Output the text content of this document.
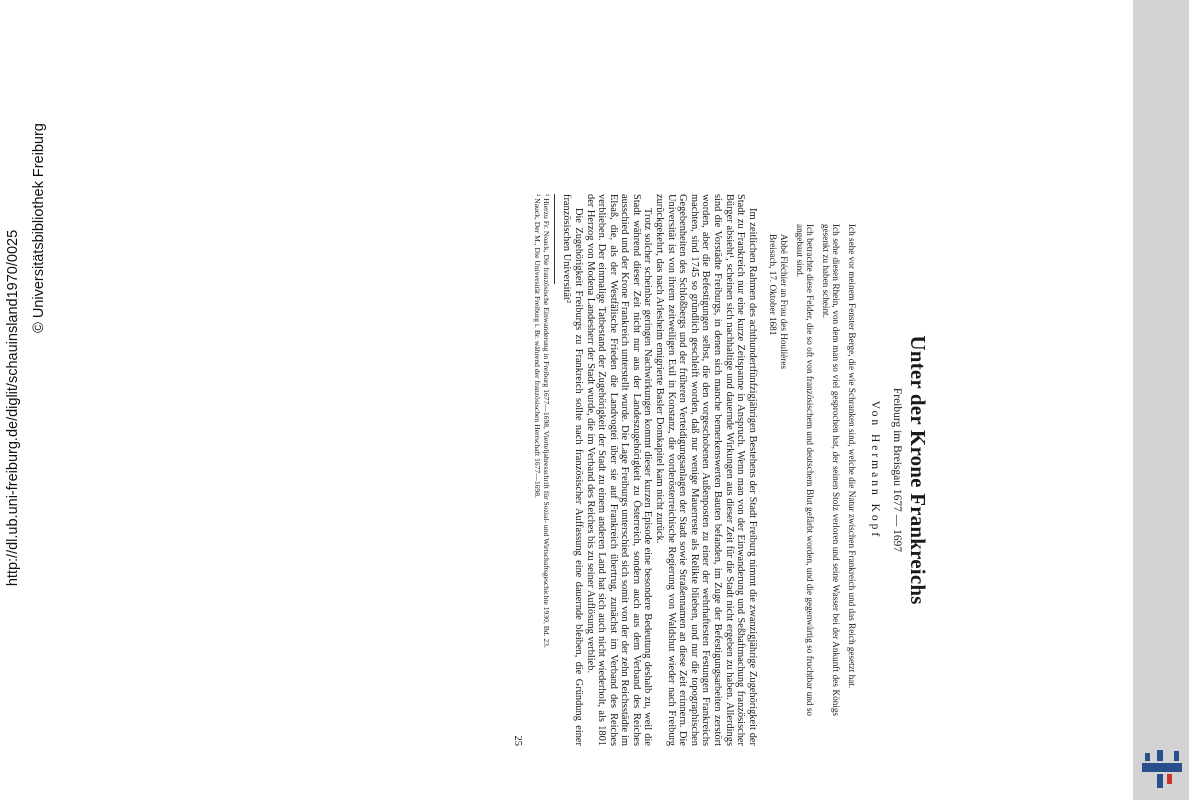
Unter der Krone Frankreichs
Freiburg im Breisgau 1677 — 1697
Von Hermann Kopf

Ich sehe vor meinem Fenster Berge, die wie Schranken sind, welche die Natur zwischen Frankreich und das Reich gesetzt hat.

Ich sehe diesen Rhein, von dem man so viel gesprochen hat, der seinen Stolz verloren und seine Wasser bei der Ankunft des Königs gesenkt zu haben scheint.

Ich betrachte diese Felder, die so oft von französischem und deutschem Blut gefärbt worden, und die gegenwärtig so fruchtbar und so angebaut sind.

Abbé Fléchier an Frau des Houlières
Breisach, 17. Oktober 1681

Im zeitlichen Rahmen des achthundertfünfzigjährigen Bestehens der Stadt Freiburg nimmt die zwanzigjährige Zugehörigkeit der Stadt zu Frankreich nur eine kurze Zeitspanne in Anspruch. Wenn man von der Einwanderung und Seßhaftmachung französischer Bürger absieht¹, scheinen sich nachhaltige und dauernde Wirkungen aus dieser Zeit für die Stadt nicht ergeben zu haben. Allerdings sind die Vorstädte Freiburgs, in denen sich manche bemerkenswerten Bauten befanden, im Zuge der Befestigungsarbeiten zerstört worden, aber die Befestigungen selbst, die den vorgeschobenen Außenposten zu einer der wehrhaftesten Festungen Frankreichs machten, sind 1745 so gründlich geschleift worden, daß nur wenige Mauerreste als Relikte blieben, und nur die topographischen Gegebenheiten des Schloßbergs und der früheren Verteidigungsanlagen der Stadt sowie Straßennamen an diese Zeit erinnern. Die Universität ist von ihrem zeitweiligen Exil in Konstanz, die vorderösterreichische Regierung von Waldshut wieder nach Freiburg zurückgekehrt, das nach Arlesheim emigrierte Basler Domkapitel kam nicht zurück.

Trotz solcher scheinbar geringen Nachwirkungen kommt dieser kurzen Episode eine besondere Bedeutung deshalb zu, weil die Stadt während dieser Zeit nicht nur aus der Landeszugehörigkeit zu Österreich, sondern auch aus dem Verband des Reiches ausschied und der Krone Frankreich unterstellt wurde. Die Lage Freiburgs unterschied sich somit von der der zehn Reichsstädte im Elsaß, die, als der Westfälische Frieden die Landvogtei über sie auf Frankreich übertrug, zunächst im Verband des Reiches verblieben. Der einmalige Tatbestand der Zugehörigkeit der Stadt zu einem anderen Land hat sich auch nicht wiederholt, als 1801 der Herzog von Modena Landesherr der Stadt wurde, die im Verband des Reiches bis zu seiner Auflösung verblieb.

Die Zugehörigkeit Freiburgs zu Frankreich sollte nach französischer Auffassung eine dauernde bleiben, die Gründung einer französischen Universität²

¹ Hierzu Fr. Noack, Die französische Einwanderung in Freiburg 1677—1698, Vierteljahresschrift für Sozial- und Wirtschaftsgeschichte 1930, Bd. 23.

² Nauck, Der M., Die Universität Freiburg i. Br. während der französischen Herrschaft 1677—1698.

25
http://dl.ub.uni-freiburg.de/diglit/schauinsland1970/0025
© Universitätsbibliothek Freiburg
